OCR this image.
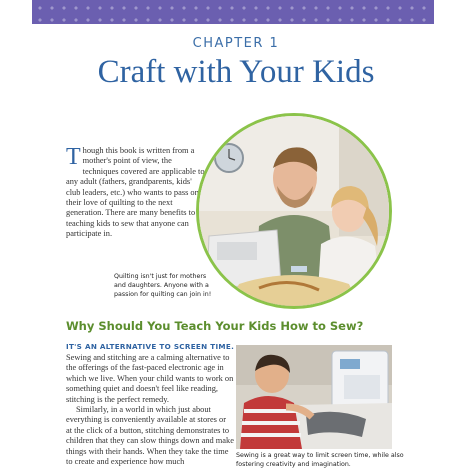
CHAPTER 1
Craft with Your Kids
Though this book is written from a mother's point of view, the techniques covered are applicable to any adult (fathers, grandparents, kids' club leaders, etc.) who wants to pass on their love of quilting to the next generation. There are many benefits to teaching kids to sew that anyone can participate in.
Quilting isn't just for mothers and daughters. Anyone with a passion for quilting can join in!
Why Should You Teach Your Kids How to Sew?
IT'S AN ALTERNATIVE TO SCREEN TIME.

Sewing and stitching are a calming alternative to the offerings of the fast-paced electronic age in which we live. When your child wants to work on something quiet and doesn't feel like reading, stitching is the perfect remedy.

Similarly, in a world in which just about everything is conveniently available at stores or at the click of a button, stitching demonstrates to children that they can slow things down and make things with their hands. When they take the time to create and experience how much

Sewing is a great way to limit screen time, while also fostering creativity and imagination.
